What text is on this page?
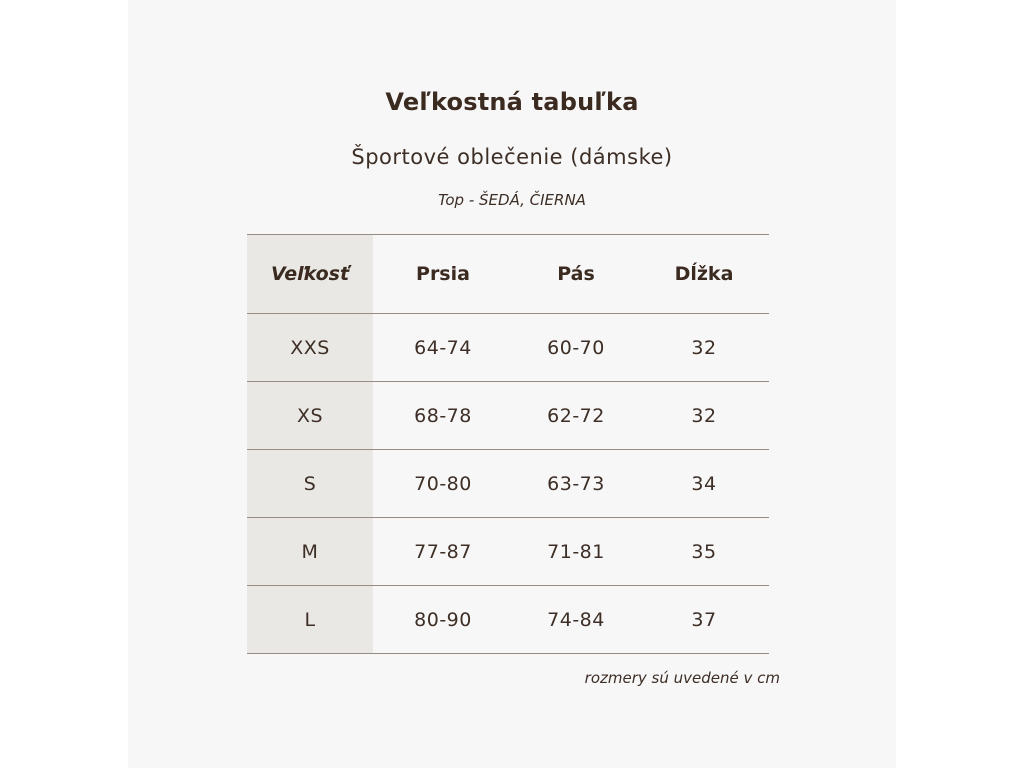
Veľkostná tabuľka
Športové oblečenie (dámske)
Top - ŠEDÁ, ČIERNA
Veľkosť	Prsia	Pás	Dĺžka
XXS	64-74	60-70	32
XS	68-78	62-72	32
S	70-80	63-73	34
M	77-87	71-81	35
L	80-90	74-84	37
rozmery sú uvedené v cm
